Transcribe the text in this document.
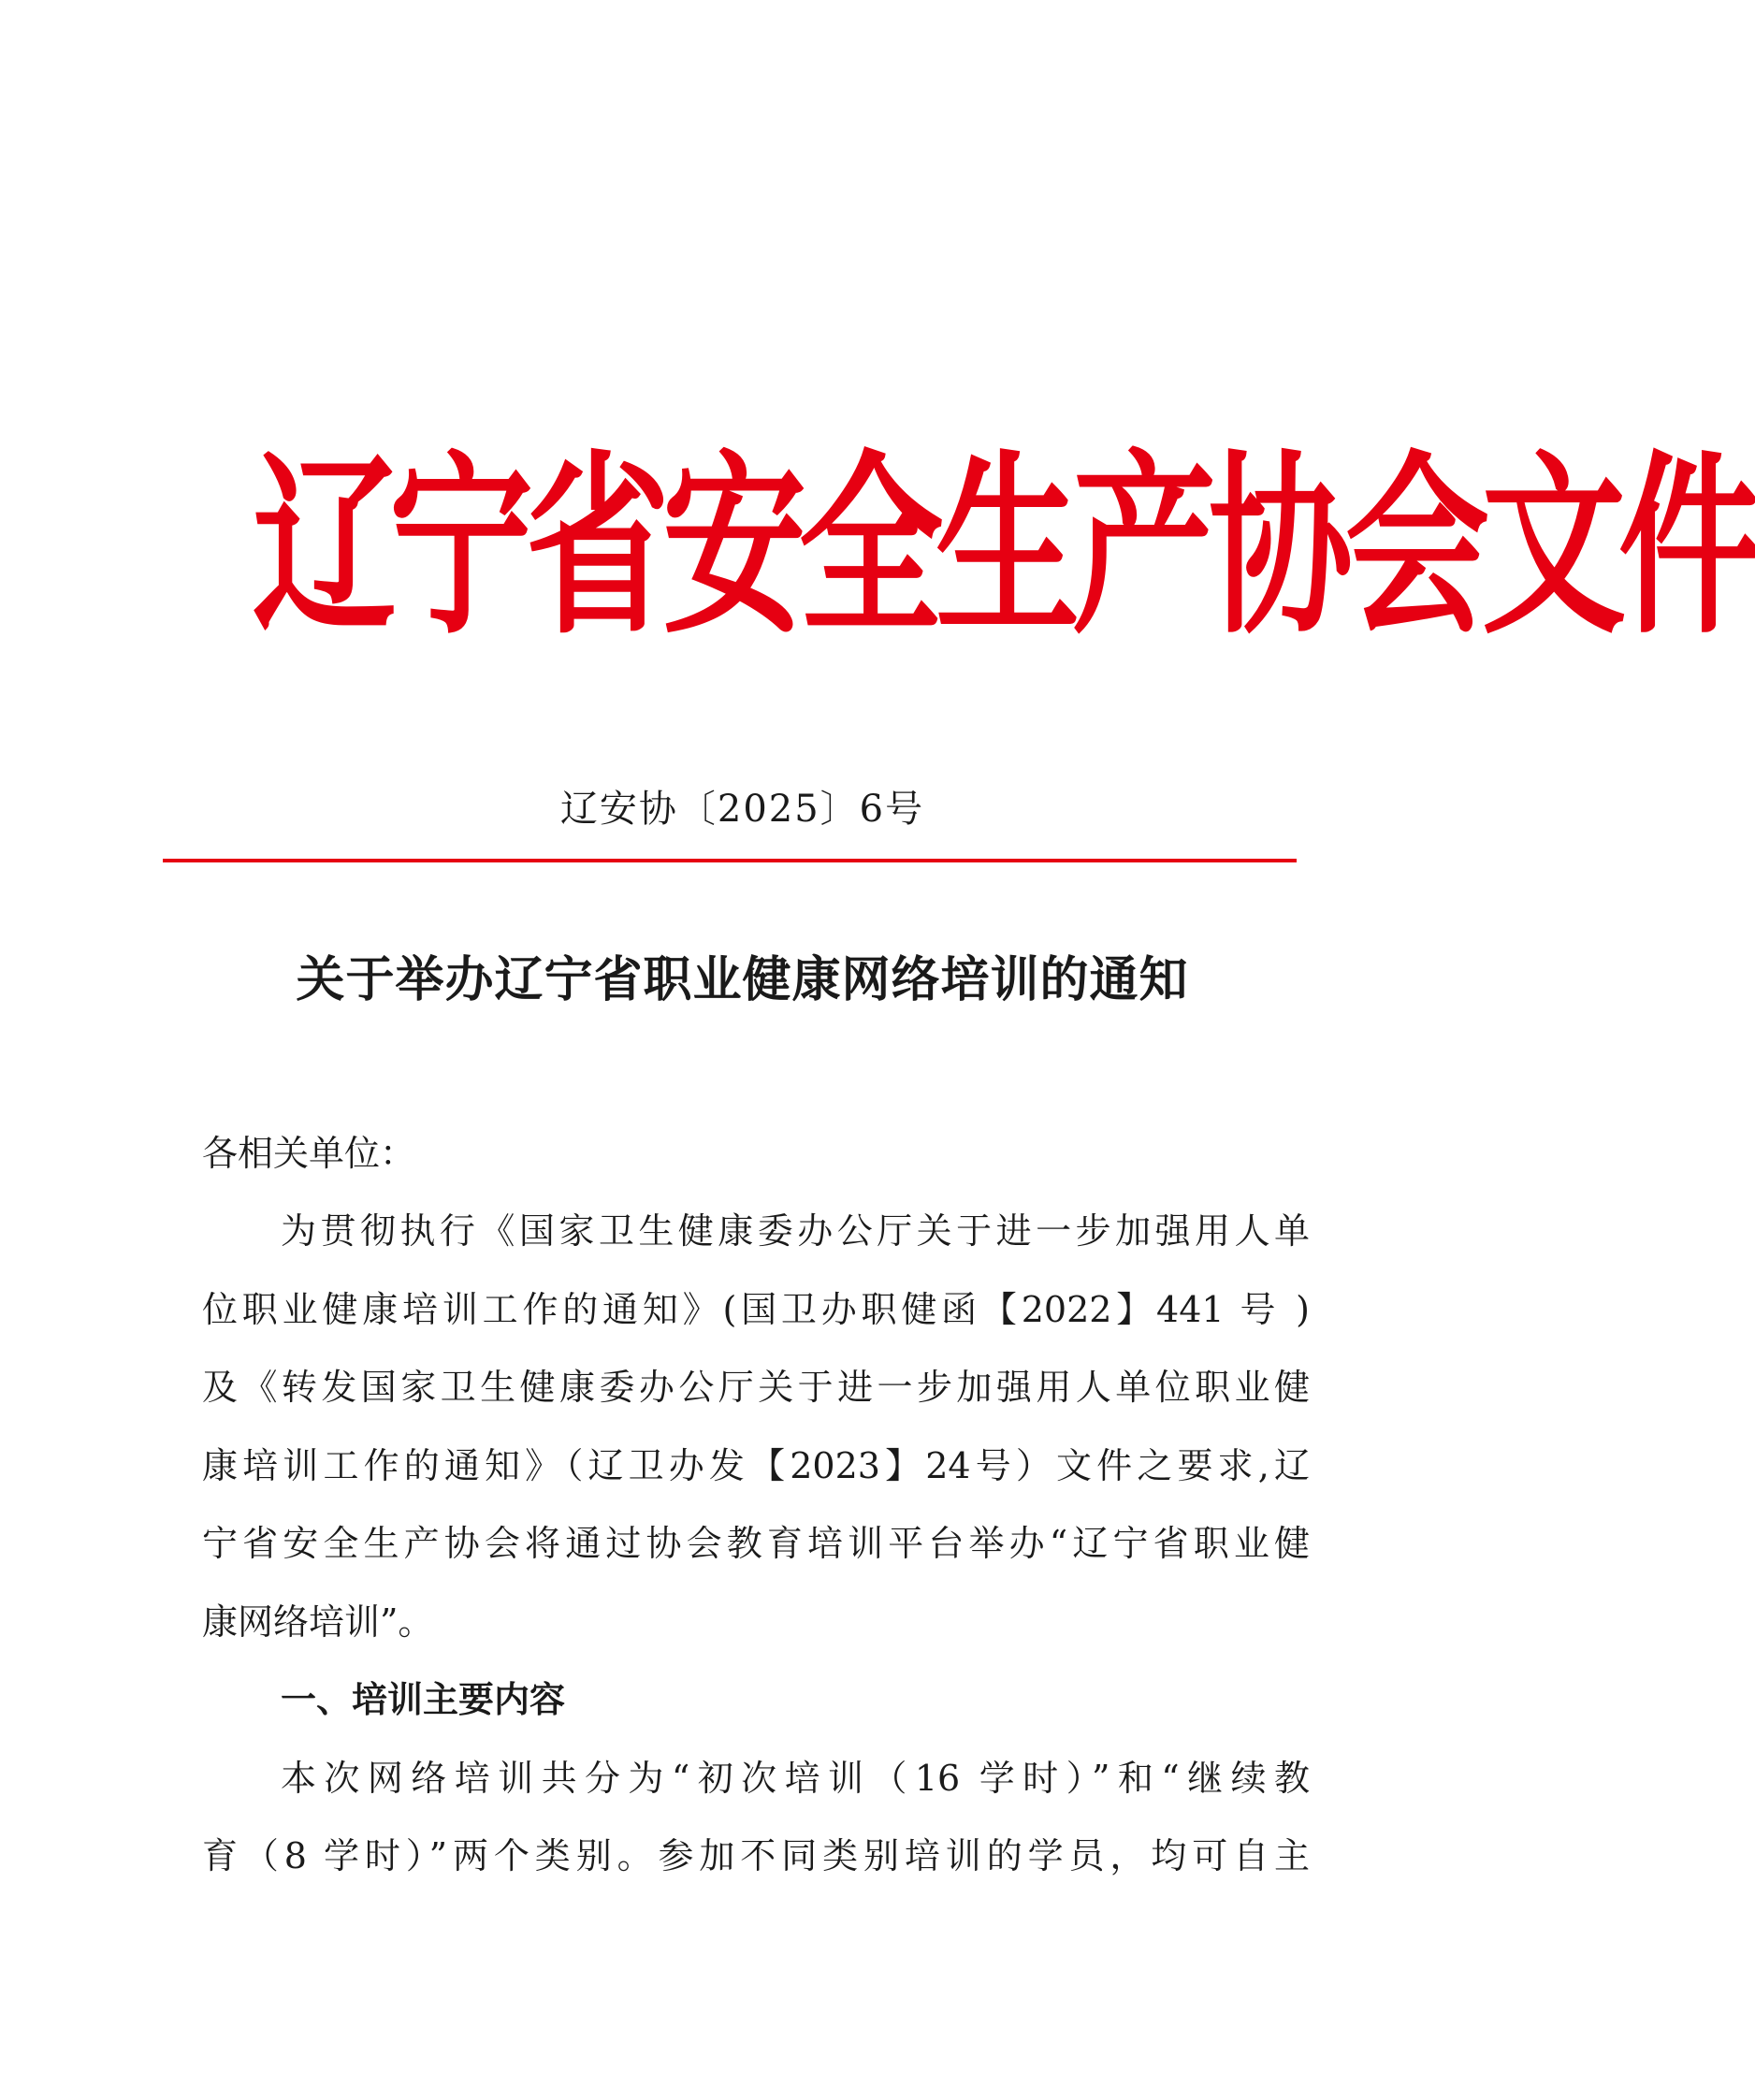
辽宁省安全生产协会文件
辽安协〔2025〕6号
关于举办辽宁省职业健康网络培训的通知
各相关单位：
为贯彻执行《国家卫生健康委办公厅关于进一步加强用人单
位职业健康培训工作的通知》(国卫办职健函【2022】441 号 )
及《转发国家卫生健康委办公厅关于进一步加强用人单位职业健
康培训工作的通知》（辽卫办发【2023】24号）文件之要求,辽
宁省安全生产协会将通过协会教育培训平台举办“辽宁省职业健
康网络培训”。
一、培训主要内容
本次网络培训共分为“初次培训（16 学时）”和“继续教
育（8 学时）”两个类别。参加不同类别培训的学员，均可自主
